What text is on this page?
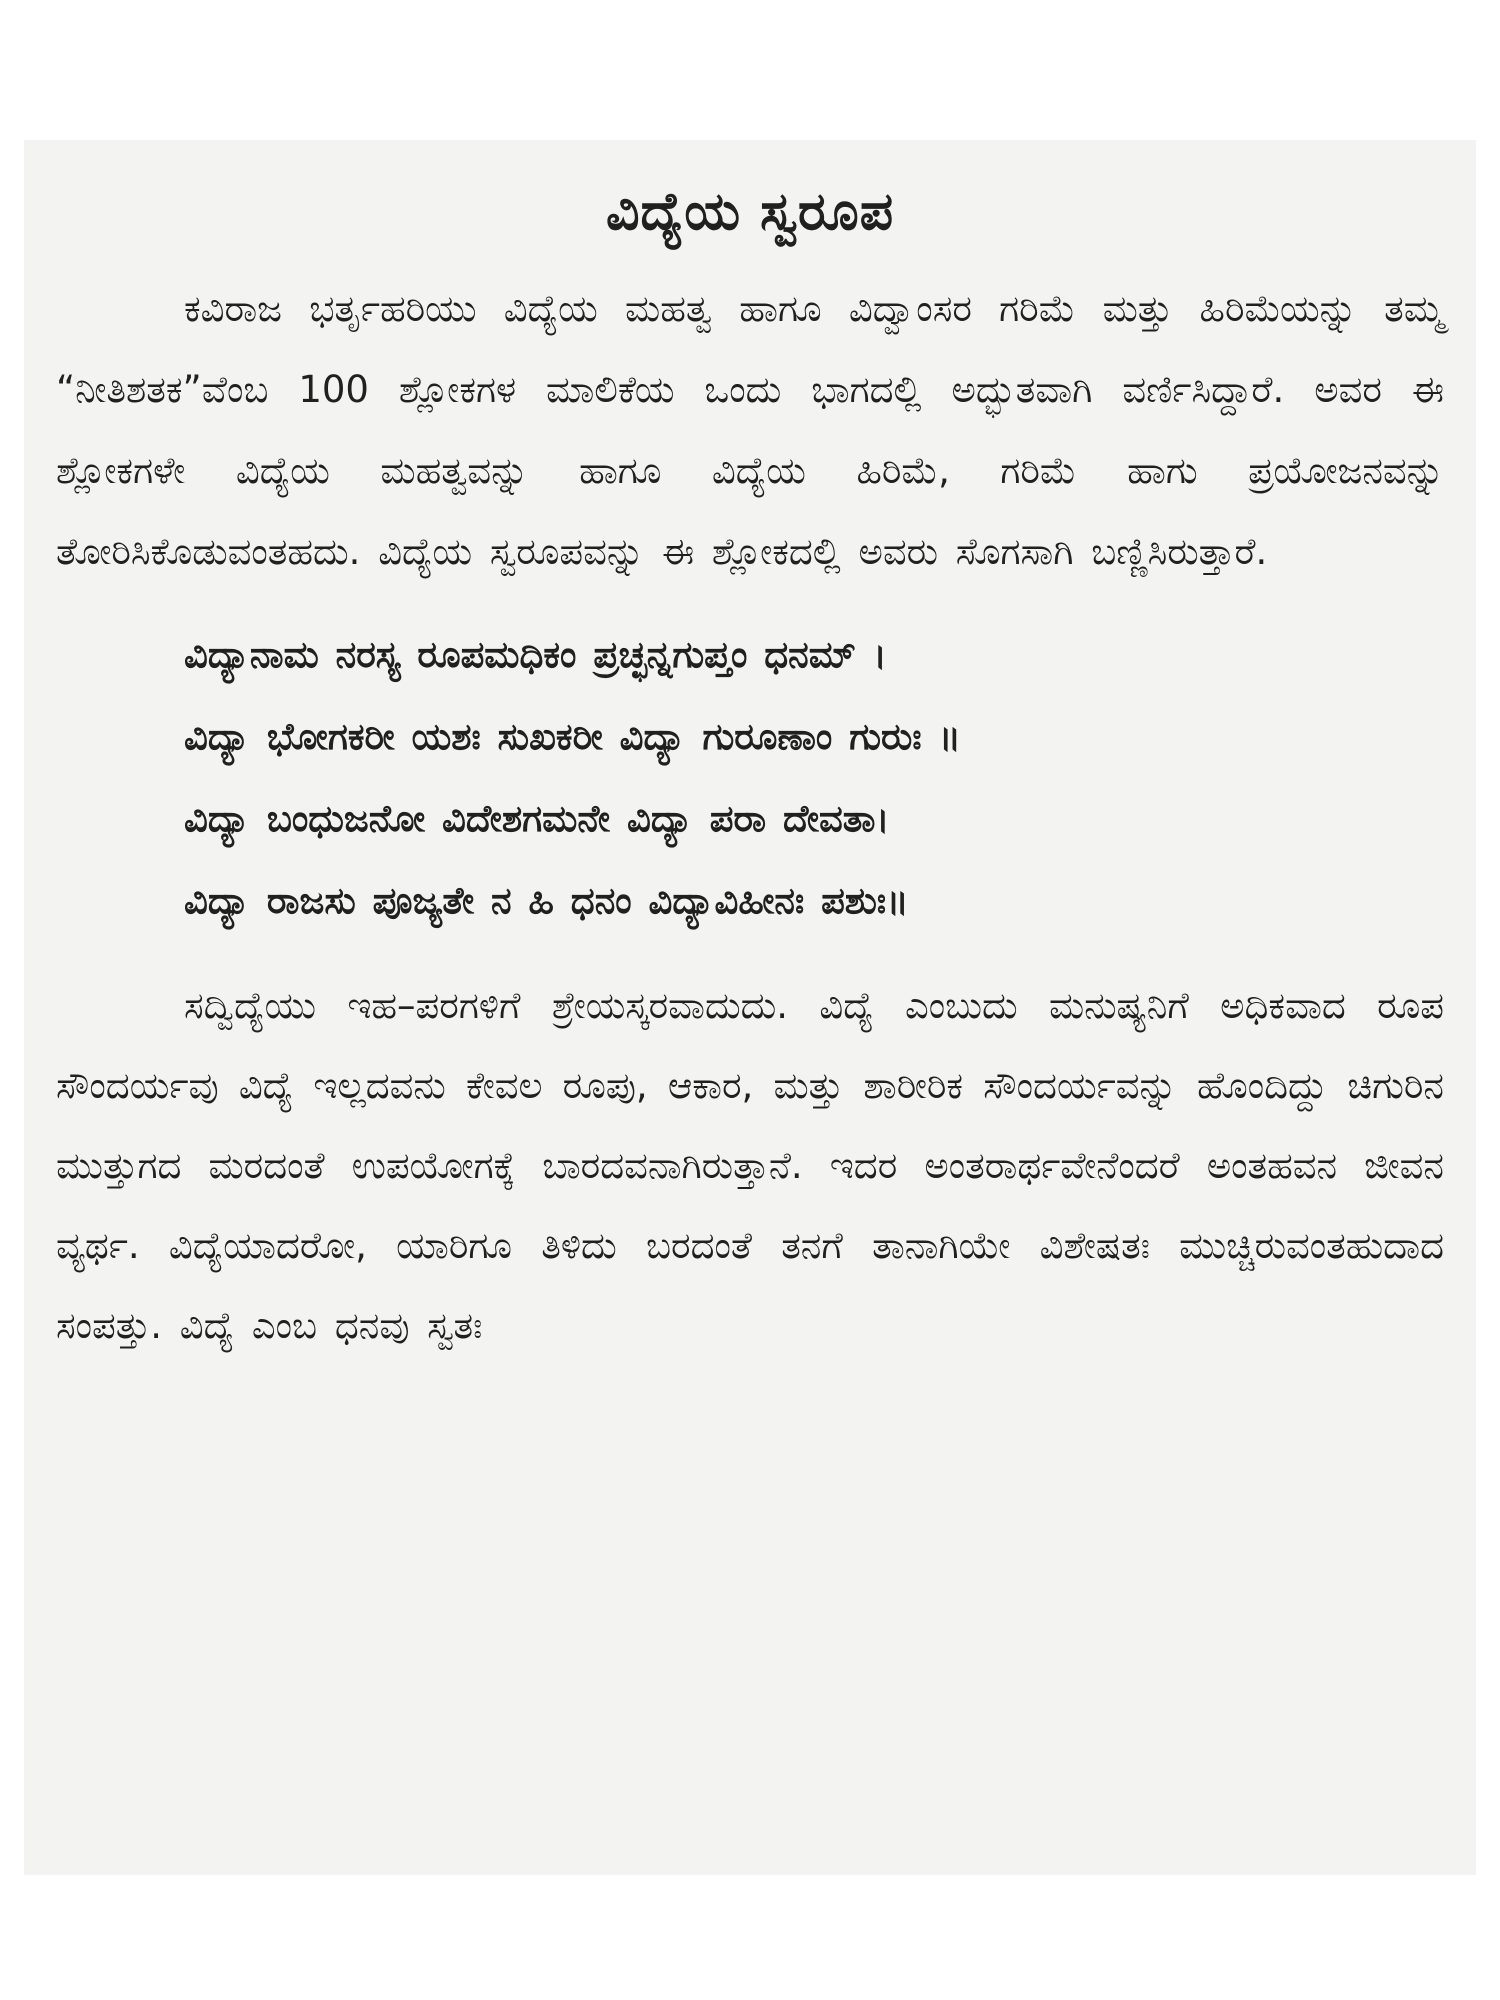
ವಿದ್ಯೆಯ ಸ್ವರೂಪ

ಕವಿರಾಜ ಭರ್ತೃಹರಿಯು ವಿದ್ಯೆಯ ಮಹತ್ವ ಹಾಗೂ ವಿದ್ವಾಂಸರ ಗರಿಮೆ ಮತ್ತು ಹಿರಿಮೆಯನ್ನು ತಮ್ಮ “ನೀತಿಶತಕ”ವೆಂಬ 100 ಶ್ಲೋಕಗಳ ಮಾಲಿಕೆಯ ಒಂದು ಭಾಗದಲ್ಲಿ ಅದ್ಭುತವಾಗಿ ವರ್ಣಿಸಿದ್ದಾರೆ. ಅವರ ಈ ಶ್ಲೋಕಗಳೇ ವಿದ್ಯೆಯ ಮಹತ್ವವನ್ನು ಹಾಗೂ ವಿದ್ಯೆಯ ಹಿರಿಮೆ, ಗರಿಮೆ ಹಾಗು ಪ್ರಯೋಜನವನ್ನು ತೋರಿಸಿಕೊಡುವಂತಹದು. ವಿದ್ಯೆಯ ಸ್ವರೂಪವನ್ನು ಈ ಶ್ಲೋಕದಲ್ಲಿ ಅವರು ಸೊಗಸಾಗಿ ಬಣ್ಣಿಸಿರುತ್ತಾರೆ.

ವಿದ್ಯಾನಾಮ ನರಸ್ಯ ರೂಪಮಧಿಕಂ ಪ್ರಚ್ಛನ್ನಗುಪ್ತಂ ಧನಮ್ ।
ವಿದ್ಯಾ ಭೋಗಕರೀ ಯಶಃ ಸುಖಕರೀ ವಿದ್ಯಾ ಗುರೂಣಾಂ ಗುರುಃ ॥
ವಿದ್ಯಾ ಬಂಧುಜನೋ ವಿದೇಶಗಮನೇ ವಿದ್ಯಾ ಪರಾ ದೇವತಾ।
ವಿದ್ಯಾ ರಾಜಸು ಪೂಜ್ಯತೇ ನ ಹಿ ಧನಂ ವಿದ್ಯಾವಿಹೀನಃ ಪಶುಃ॥

ಸದ್ವಿದ್ಯೆಯು ಇಹ–ಪರಗಳಿಗೆ ಶ್ರೇಯಸ್ಕರವಾದುದು. ವಿದ್ಯೆ ಎಂಬುದು ಮನುಷ್ಯನಿಗೆ ಅಧಿಕವಾದ ರೂಪ ಸೌಂದರ್ಯವು ವಿದ್ಯೆ ಇಲ್ಲದವನು ಕೇವಲ ರೂಪು, ಆಕಾರ, ಮತ್ತು ಶಾರೀರಿಕ ಸೌಂದರ್ಯವನ್ನು ಹೊಂದಿದ್ದು ಚಿಗುರಿನ ಮುತ್ತುಗದ ಮರದಂತೆ ಉಪಯೋಗಕ್ಕೆ ಬಾರದವನಾಗಿರುತ್ತಾನೆ. ಇದರ ಅಂತರಾರ್ಥವೇನೆಂದರೆ ಅಂತಹವನ ಜೀವನ ವ್ಯರ್ಥ. ವಿದ್ಯೆಯಾದರೋ, ಯಾರಿಗೂ ತಿಳಿದು ಬರದಂತೆ ತನಗೆ ತಾನಾಗಿಯೇ ವಿಶೇಷತಃ ಮುಚ್ಚಿರುವಂತಹುದಾದ ಸಂಪತ್ತು. ವಿದ್ಯೆ ಎಂಬ ಧನವು ಸ್ವತಃ
